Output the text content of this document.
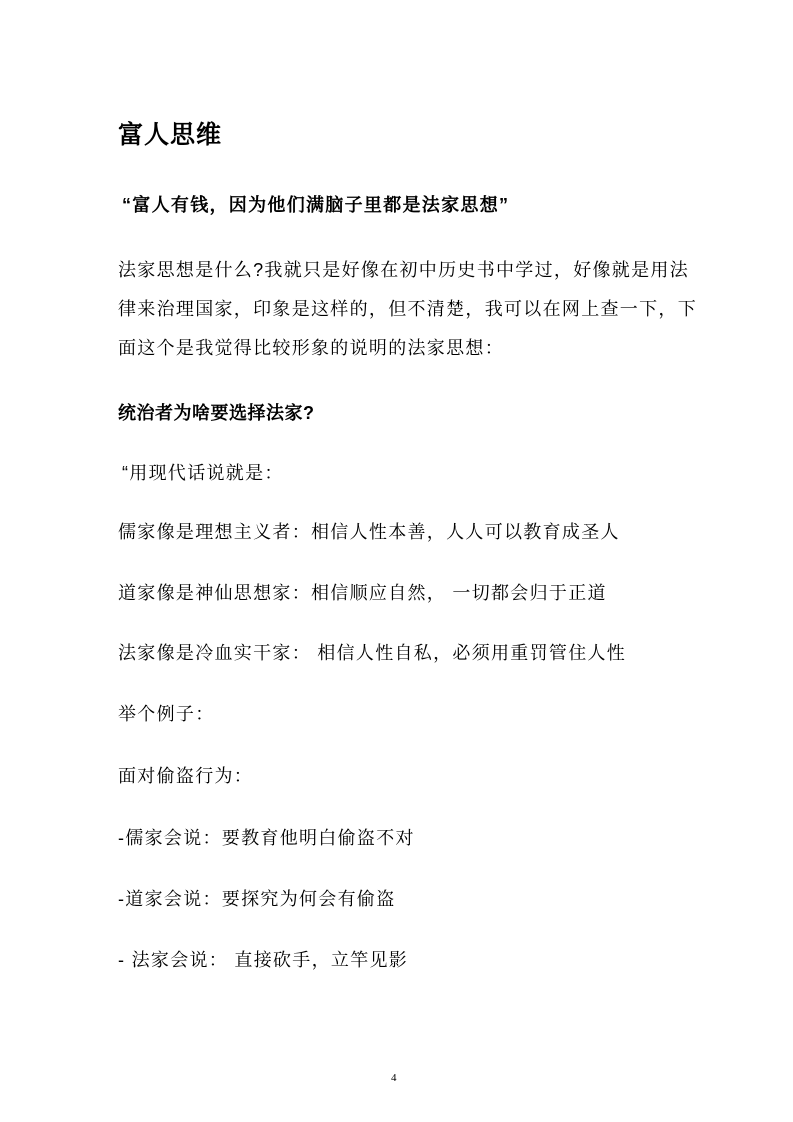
富人思维
“富人有钱，因为他们满脑子里都是法家思想”
法家思想是什么?我就只是好像在初中历史书中学过，好像就是用法
律来治理国家，印象是这样的，但不清楚，我可以在网上查一下，下
面这个是我觉得比较形象的说明的法家思想：
统治者为啥要选择法家?
“用现代话说就是：
儒家像是理想主义者：相信人性本善，人人可以教育成圣人
道家像是神仙思想家：相信顺应自然， 一切都会归于正道
法家像是冷血实干家： 相信人性自私，必须用重罚管住人性
举个例子：
面对偷盗行为：
-儒家会说：要教育他明白偷盗不对
-道家会说：要探究为何会有偷盗
- 法家会说： 直接砍手，立竿见影
4
